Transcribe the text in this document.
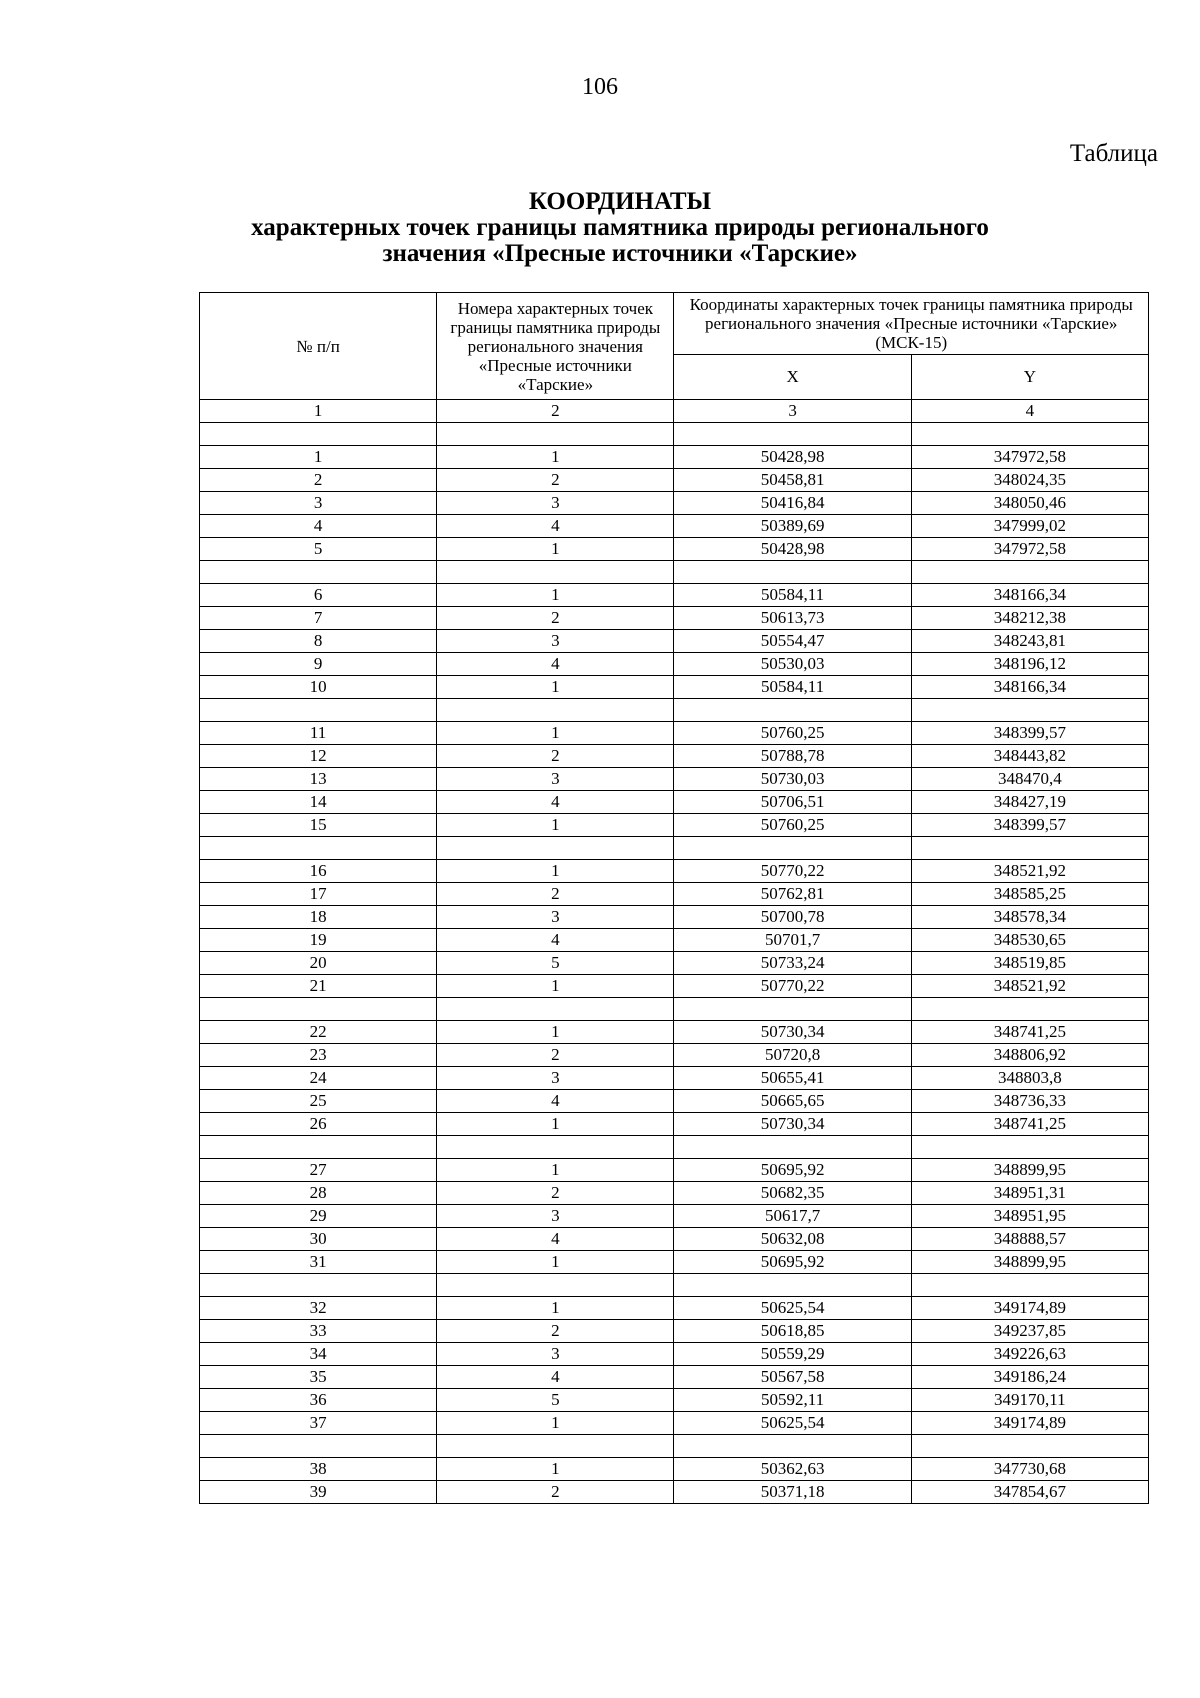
106
Таблица
КООРДИНАТЫ
характерных точек границы памятника природы регионального
значения «Пресные источники «Тарские»
№ п/п	Номера характерных точек границы памятника природы регионального значения «Пресные источники «Тарские»	Координаты характерных точек границы памятника природы регионального значения «Пресные источники «Тарские» (МСК-15)	
		X	Y
1	2	3	4

1	1	50428,98	347972,58
2	2	50458,81	348024,35
3	3	50416,84	348050,46
4	4	50389,69	347999,02
5	1	50428,98	347972,58

6	1	50584,11	348166,34
7	2	50613,73	348212,38
8	3	50554,47	348243,81
9	4	50530,03	348196,12
10	1	50584,11	348166,34

11	1	50760,25	348399,57
12	2	50788,78	348443,82
13	3	50730,03	348470,4
14	4	50706,51	348427,19
15	1	50760,25	348399,57

16	1	50770,22	348521,92
17	2	50762,81	348585,25
18	3	50700,78	348578,34
19	4	50701,7	348530,65
20	5	50733,24	348519,85
21	1	50770,22	348521,92

22	1	50730,34	348741,25
23	2	50720,8	348806,92
24	3	50655,41	348803,8
25	4	50665,65	348736,33
26	1	50730,34	348741,25

27	1	50695,92	348899,95
28	2	50682,35	348951,31
29	3	50617,7	348951,95
30	4	50632,08	348888,57
31	1	50695,92	348899,95

32	1	50625,54	349174,89
33	2	50618,85	349237,85
34	3	50559,29	349226,63
35	4	50567,58	349186,24
36	5	50592,11	349170,11
37	1	50625,54	349174,89

38	1	50362,63	347730,68
39	2	50371,18	347854,67
